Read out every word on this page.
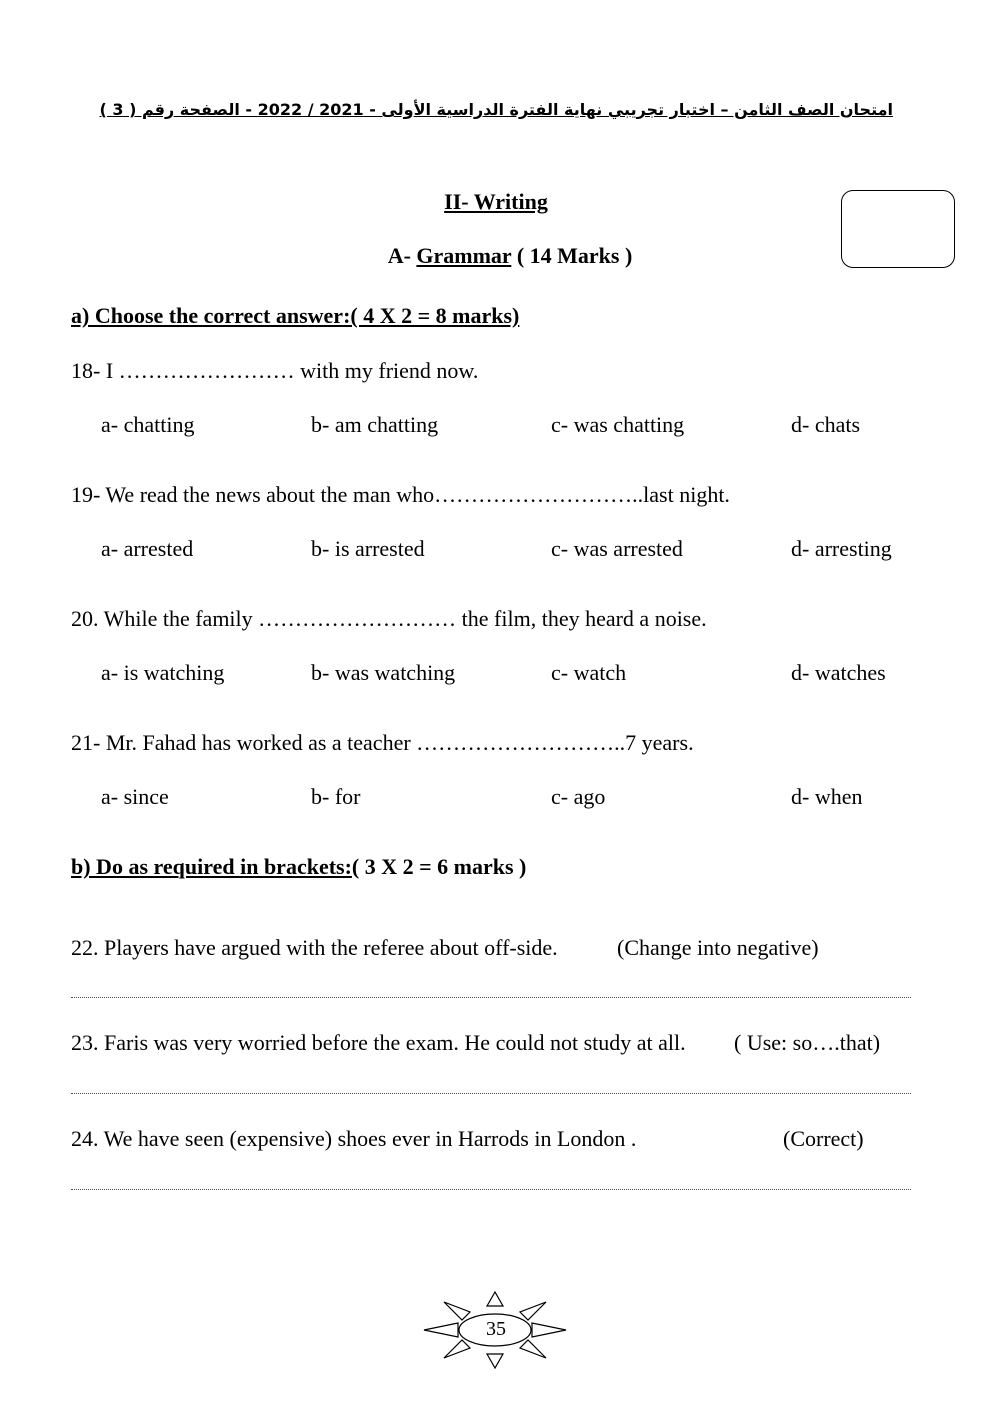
امتحان الصف الثامن – اختبار تجريبي نهاية الفترة الدراسية الأولى - 2021 / 2022 - الصفحة رقم ( 3 )
II- Writing
A- Grammar ( 14 Marks )
a) Choose the correct answer:( 4 X 2 = 8 marks)
18- I …………………… with my friend now.
a- chatting	b- am chatting	c- was chatting	d- chats
19- We read the news about the man who………………………..last night.
a- arrested	b- is arrested	c- was arrested	d- arresting
20. While the family ……………………… the film, they heard a noise.
a- is watching	b- was watching	c- watch	d- watches
21- Mr. Fahad has worked as a teacher ………………………..7 years.
a- since	b- for	c- ago	d- when
b) Do as required in brackets:( 3 X 2 = 6 marks )
22. Players have argued with the referee about off-side.	(Change into negative)
23. Faris was very worried before the exam. He could not study at all. ( Use: so….that)
24. We have seen (expensive) shoes ever in Harrods in London .	(Correct)
35
